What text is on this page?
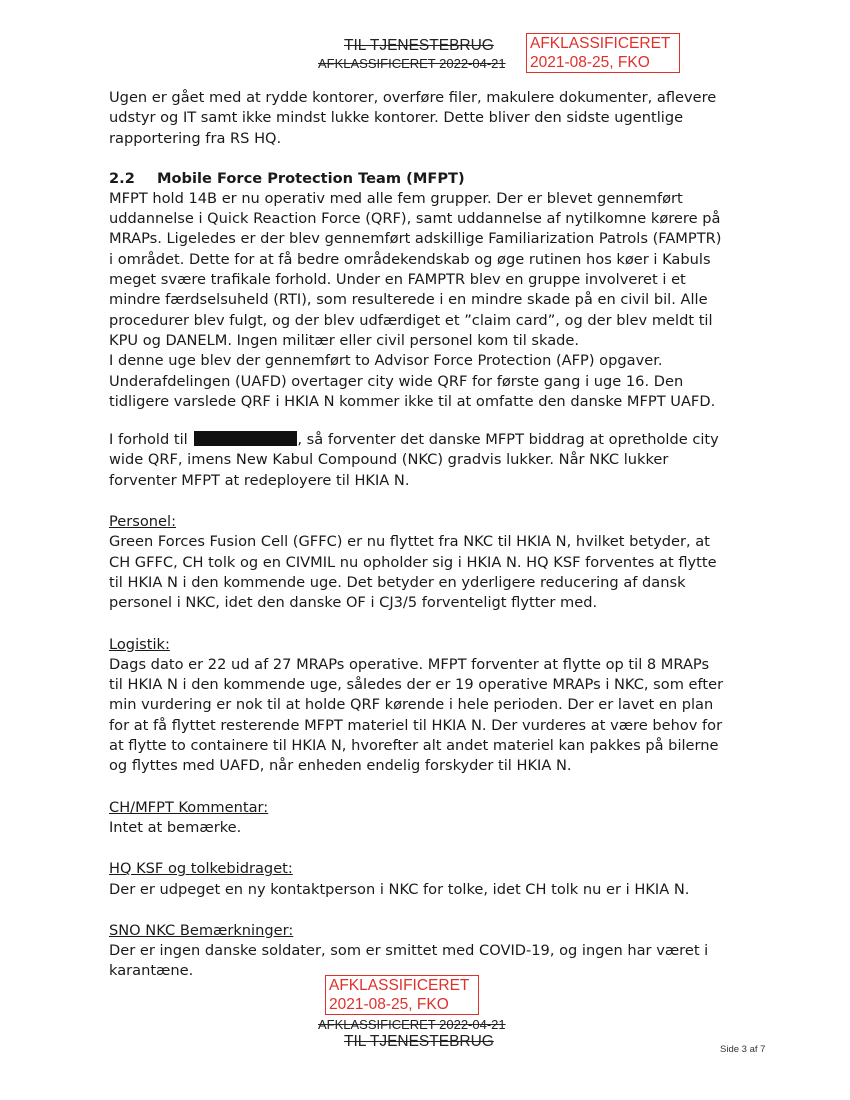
TIL TJENESTEBRUG
AFKLASSIFICERET 2022-04-21
AFKLASSIFICERET
2021-08-25, FKO

Ugen er gået med at rydde kontorer, overføre filer, makulere dokumenter, aflevere udstyr og IT samt ikke mindst lukke kontorer. Dette bliver den sidste ugentlige rapportering fra RS HQ.

2.2 Mobile Force Protection Team (MFPT)

MFPT hold 14B er nu operativ med alle fem grupper. Der er blevet gennemført uddannelse i Quick Reaction Force (QRF), samt uddannelse af nytilkomne kørere på MRAPs. Ligeledes er der blev gennemført adskillige Familiarization Patrols (FAMPTR) i området. Dette for at få bedre områdekendskab og øge rutinen hos køer i Kabuls meget svære trafikale forhold. Under en FAMPTR blev en gruppe involveret i et mindre færdselsuheld (RTI), som resulterede i en mindre skade på en civil bil. Alle procedurer blev fulgt, og der blev udfærdiget et ”claim card”, og der blev meldt til KPU og DANELM. Ingen militær eller civil personel kom til skade.

I denne uge blev der gennemført to Advisor Force Protection (AFP) opgaver. Underafdelingen (UAFD) overtager city wide QRF for første gang i uge 16. Den tidligere varslede QRF i HKIA N kommer ikke til at omfatte den danske MFPT UAFD.

I forhold til	, så forventer det danske MFPT biddrag at opretholde city wide QRF, imens New Kabul Compound (NKC) gradvis lukker. Når NKC lukker forventer MFPT at redeployere til HKIA N.

Personel:

Green Forces Fusion Cell (GFFC) er nu flyttet fra NKC til HKIA N, hvilket betyder, at CH GFFC, CH tolk og en CIVMIL nu opholder sig i HKIA N. HQ KSF forventes at flytte til HKIA N i den kommende uge. Det betyder en yderligere reducering af dansk personel i NKC, idet den danske OF i CJ3/5 forventeligt flytter med.

Logistik:

Dags dato er 22 ud af 27 MRAPs operative. MFPT forventer at flytte op til 8 MRAPs til HKIA N i den kommende uge, således der er 19 operative MRAPs i NKC, som efter min vurdering er nok til at holde QRF kørende i hele perioden. Der er lavet en plan for at få flyttet resterende MFPT materiel til HKIA N. Der vurderes at være behov for at flytte to containere til HKIA N, hvorefter alt andet materiel kan pakkes på bilerne og flyttes med UAFD, når enheden endelig forskyder til HKIA N.

CH/MFPT Kommentar:

Intet at bemærke.

HQ KSF og tolkebidraget:

Der er udpeget en ny kontaktperson i NKC for tolke, idet CH tolk nu er i HKIA N.

SNO NKC Bemærkninger:

Der er ingen danske soldater, som er smittet med COVID-19, og ingen har været i karantæne.

AFKLASSIFICERET
2021-08-25, FKO
AFKLASSIFICERET 2022-04-21
TIL TJENESTEBRUG	Side 3 af 7
